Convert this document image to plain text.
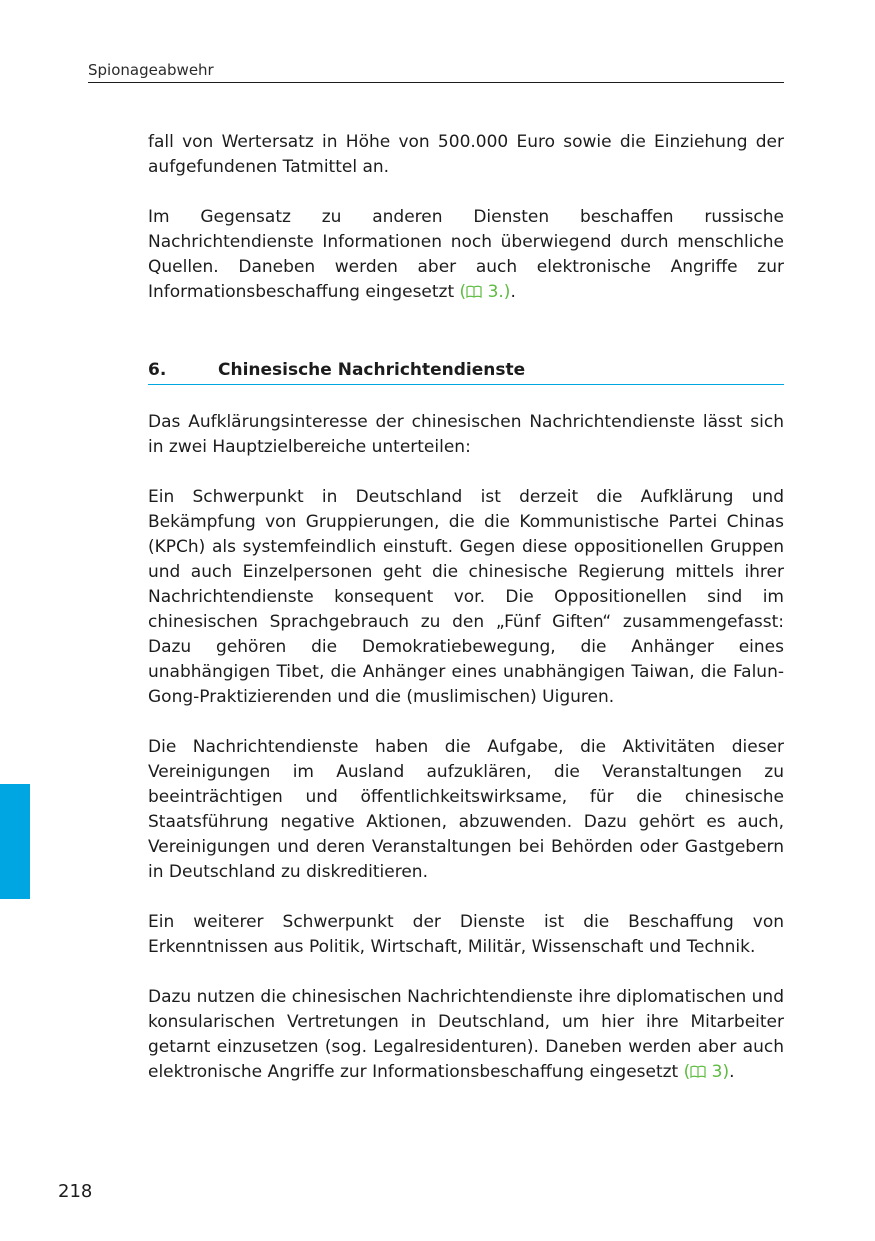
Spionageabwehr

fall von Wertersatz in Höhe von 500.000 Euro sowie die Einziehung der aufgefundenen Tatmittel an.

Im Gegensatz zu anderen Diensten beschaffen russische Nachrichtendienste Informationen noch überwiegend durch menschliche Quellen. Daneben werden aber auch elektronische Angriffe zur Informationsbeschaffung eingesetzt ( 3.).

6.	Chinesische Nachrichtendienste

Das Aufklärungsinteresse der chinesischen Nachrichtendienste lässt sich in zwei Hauptzielbereiche unterteilen:

Ein Schwerpunkt in Deutschland ist derzeit die Aufklärung und Bekämpfung von Gruppierungen, die die Kommunistische Partei Chinas (KPCh) als systemfeindlich einstuft. Gegen diese oppositionellen Gruppen und auch Einzelpersonen geht die chinesische Regierung mittels ihrer Nachrichtendienste konsequent vor. Die Oppositionellen sind im chinesischen Sprachgebrauch zu den „Fünf Giften“ zusammengefasst: Dazu gehören die Demokratiebewegung, die Anhänger eines unabhängigen Tibet, die Anhänger eines unabhängigen Taiwan, die Falun-Gong-Praktizierenden und die (muslimischen) Uiguren.

Die Nachrichtendienste haben die Aufgabe, die Aktivitäten dieser Vereinigungen im Ausland aufzuklären, die Veranstaltungen zu beeinträchtigen und öffentlichkeitswirksame, für die chinesische Staatsführung negative Aktionen, abzuwenden. Dazu gehört es auch, Vereinigungen und deren Veranstaltungen bei Behörden oder Gastgebern in Deutschland zu diskreditieren.

Ein weiterer Schwerpunkt der Dienste ist die Beschaffung von Erkenntnissen aus Politik, Wirtschaft, Militär, Wissenschaft und Technik.

Dazu nutzen die chinesischen Nachrichtendienste ihre diplomatischen und konsularischen Vertretungen in Deutschland, um hier ihre Mitarbeiter getarnt einzusetzen (sog. Legalresidenturen). Daneben werden aber auch elektronische Angriffe zur Informationsbeschaffung eingesetzt ( 3).

218
